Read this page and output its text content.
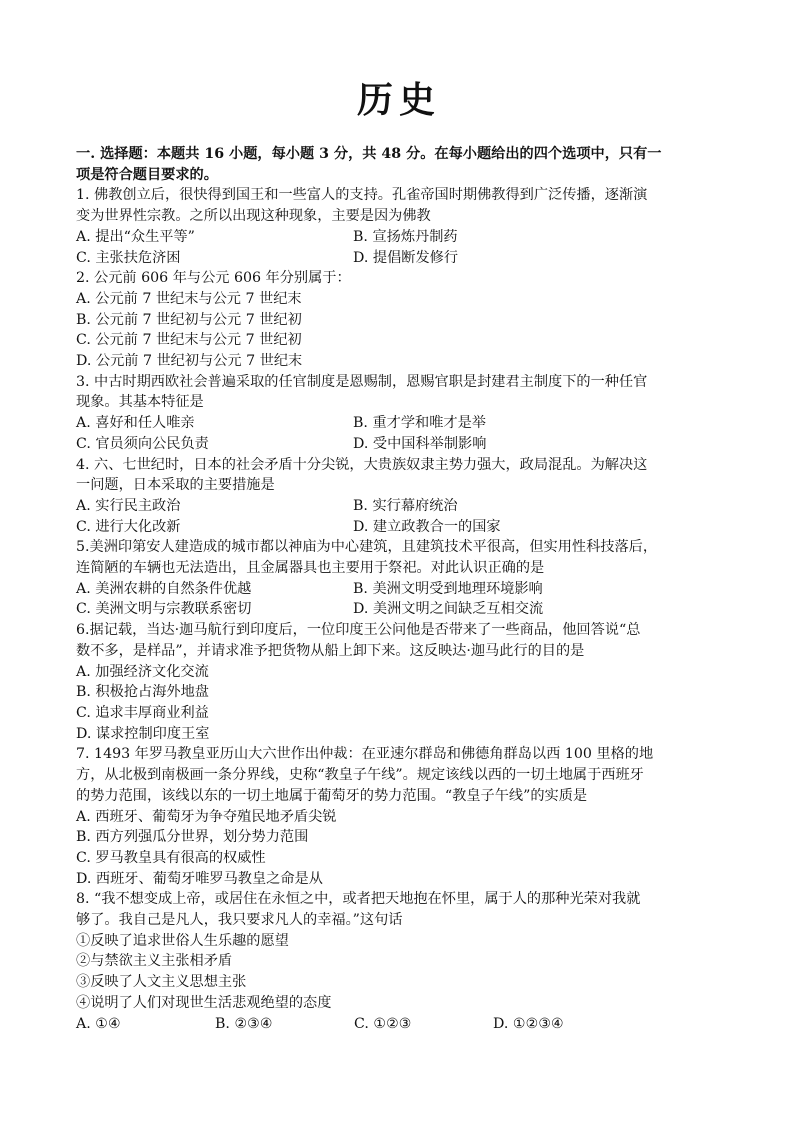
历史
一. 选择题：本题共 16 小题，每小题 3 分，共 48 分。在每小题给出的四个选项中，只有一
项是符合题目要求的。
1. 佛教创立后，很快得到国王和一些富人的支持。孔雀帝国时期佛教得到广泛传播，逐渐演
变为世界性宗教。之所以出现这种现象，主要是因为佛教
A. 提出“众生平等”	B. 宣扬炼丹制药
C. 主张扶危济困	D. 提倡断发修行
2. 公元前 606 年与公元 606 年分别属于：
A. 公元前 7 世纪末与公元 7 世纪末
B. 公元前 7 世纪初与公元 7 世纪初
C. 公元前 7 世纪末与公元 7 世纪初
D. 公元前 7 世纪初与公元 7 世纪末
3. 中古时期西欧社会普遍采取的任官制度是恩赐制，恩赐官职是封建君主制度下的一种任官
现象。其基本特征是
A. 喜好和任人唯亲	B. 重才学和唯才是举
C. 官员须向公民负责	D. 受中国科举制影响
4. 六、七世纪时，日本的社会矛盾十分尖锐，大贵族奴隶主势力强大，政局混乱。为解决这
一问题，日本采取的主要措施是
A. 实行民主政治	B. 实行幕府统治
C. 进行大化改新	D. 建立政教合一的国家
5.美洲印第安人建造成的城市都以神庙为中心建筑，且建筑技术平很高，但实用性科技落后，
连简陋的车辆也无法造出，且金属器具也主要用于祭祀。对此认识正确的是
A. 美洲农耕的自然条件优越	B. 美洲文明受到地理环境影响
C. 美洲文明与宗教联系密切	D. 美洲文明之间缺乏互相交流
6.据记载，当达·迦马航行到印度后，一位印度王公问他是否带来了一些商品，他回答说“总
数不多，是样品”，并请求准予把货物从船上卸下来。这反映达·迦马此行的目的是
A. 加强经济文化交流
B. 积极抢占海外地盘
C. 追求丰厚商业利益
D. 谋求控制印度王室
7. 1493 年罗马教皇亚历山大六世作出仲裁：在亚速尔群岛和佛德角群岛以西 100 里格的地
方，从北极到南极画一条分界线，史称“教皇子午线”。规定该线以西的一切土地属于西班牙
的势力范围，该线以东的一切土地属于葡萄牙的势力范围。“教皇子午线”的实质是
A. 西班牙、葡萄牙为争夺殖民地矛盾尖锐
B. 西方列强瓜分世界，划分势力范围
C. 罗马教皇具有很高的权威性
D. 西班牙、葡萄牙唯罗马教皇之命是从
8. “我不想变成上帝，或居住在永恒之中，或者把天地抱在怀里，属于人的那种光荣对我就
够了。我自己是凡人，我只要求凡人的幸福。”这句话
①反映了追求世俗人生乐趣的愿望
②与禁欲主义主张相矛盾
③反映了人文主义思想主张
④说明了人们对现世生活悲观绝望的态度
A. ①④	B. ②③④	C. ①②③	D. ①②③④
